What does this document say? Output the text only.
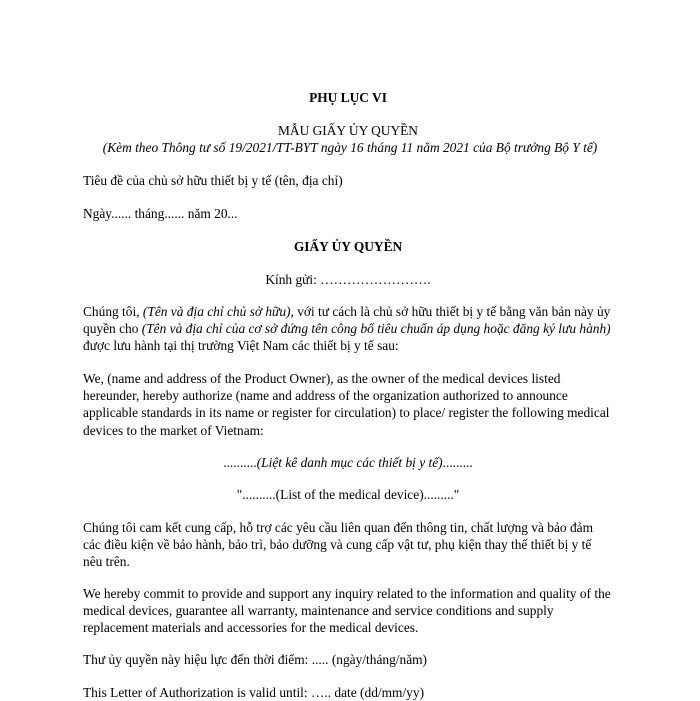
PHỤ LỤC VI

MẪU GIẤY ỦY QUYỀN

(Kèm theo Thông tư số 19/2021/TT-BYT ngày 16 tháng 11 năm 2021 của Bộ trưởng Bộ Y tế)

Tiêu đề của chủ sở hữu thiết bị y tế (tên, địa chỉ)

Ngày...... tháng...... năm 20...

GIẤY ỦY QUYỀN

Kính gửi: …………………….

Chúng tôi, (Tên và địa chỉ chủ sở hữu), với tư cách là chủ sở hữu thiết bị y tế bằng văn bản này ủy quyền cho (Tên và địa chỉ của cơ sở đứng tên công bố tiêu chuẩn áp dụng hoặc đăng ký lưu hành) được lưu hành tại thị trường Việt Nam các thiết bị y tế sau:

We, (name and address of the Product Owner), as the owner of the medical devices listed hereunder, hereby authorize (name and address of the organization authorized to announce applicable standards in its name or register for circulation) to place/ register the following medical devices to the market of Vietnam:

..........(Liệt kê danh mục các thiết bị y tế).........

"..........(List of the medical device)........."

Chúng tôi cam kết cung cấp, hỗ trợ các yêu cầu liên quan đến thông tin, chất lượng và bảo đảm các điều kiện về bảo hành, bảo trì, bảo dưỡng và cung cấp vật tư, phụ kiện thay thế thiết bị y tế nêu trên.

We hereby commit to provide and support any inquiry related to the information and quality of the medical devices, guarantee all warranty, maintenance and service conditions and supply replacement materials and accessories for the medical devices.

Thư ủy quyền này hiệu lực đến thời điểm: ..... (ngày/tháng/năm)

This Letter of Authorization is valid until: ….. date (dd/mm/yy)
